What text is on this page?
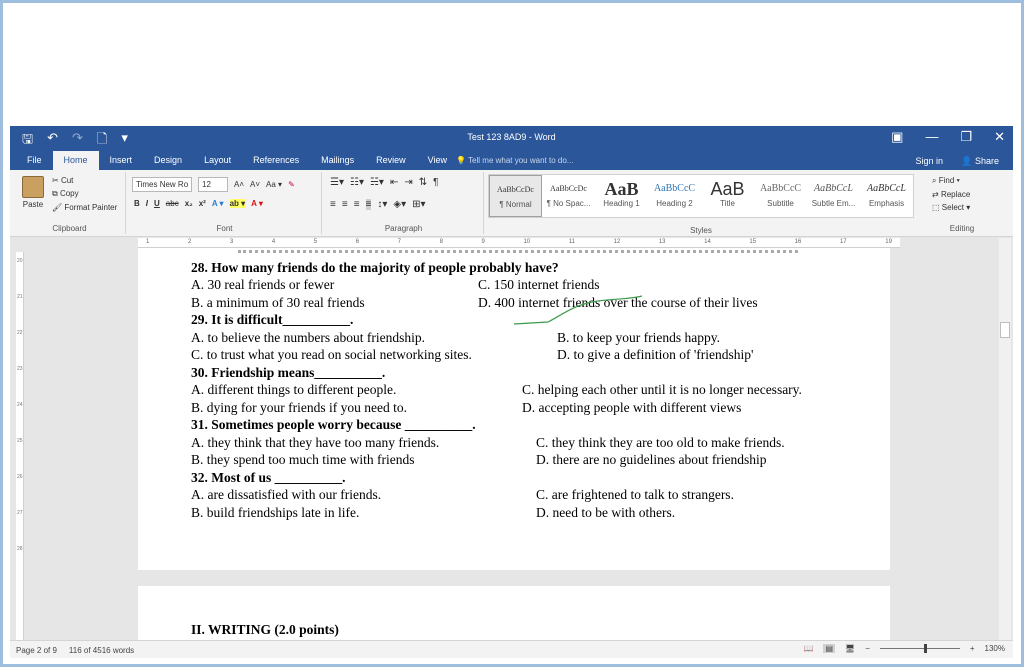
🖫 ↶ ↷ 🗋 ▾	Test 123 8AD9 - Word	▣ — ❐ ✕
File	Home	Insert	Design	Layout	References	Mailings	Review	View	💡 Tell me what you want to do...	Sign in 👤 Share
Paste
✂ Cut
⧉ Copy
🖌 Format Painter
Clipboard
Times New Ro	12	A˄ A˅ Aa ▾ ✎
B I U abc x₂ x² A ▾ ab ▾ A ▾
Font
☰▾ ☷▾ ☵▾ ⇤ ⇥ ⇅ ¶
≡ ≡ ≡ ≡ ↕▾ ◈▾ ⊞▾
Paragraph
AaBbCcDc
¶ Normal
AaBbCcDc
¶ No Spac...
AaB
Heading 1
AaBbCcC
Heading 2
AaB
Title
AaBbCcC
Subtitle
AaBbCcL
Subtle Em...
AaBbCcL
Emphasis
Styles
⌕ Find ▾
⇄ Replace
⬚ Select ▾
Editing
1	2	3	4	5	6	7	8	9	10	11	12	13	14	15	16	17	19
20
21
22
23
24
25
26
27
28
28. How many friends do the majority of people probably have?
A. 30 real friends or fewer	C. 150 internet friends
B. a minimum of 30 real friends	D. 400 internet friends over the course of their lives
29. It is difficult__________.
A. to believe the numbers about friendship.	B. to keep your friends happy.
C. to trust what you read on social networking sites.	D. to give a definition of 'friendship'
30. Friendship means__________.
A. different things to different people.	C. helping each other until it is no longer necessary.
B. dying for your friends if you need to.	D. accepting people with different views
31. Sometimes people worry because __________.
A. they think that they have too many friends.	C. they think they are too old to make friends.
B. they spend too much time with friends	D. there are no guidelines about friendship
32. Most of us __________.
A. are dissatisfied with our friends.	C. are frightened to talk to strangers.
B. build friendships late in life.	D. need to be with others.
II. WRITING (2.0 points)
Page 2 of 9 116 of 4516 words	📖 ▤ 🖥 −	+ 130%
